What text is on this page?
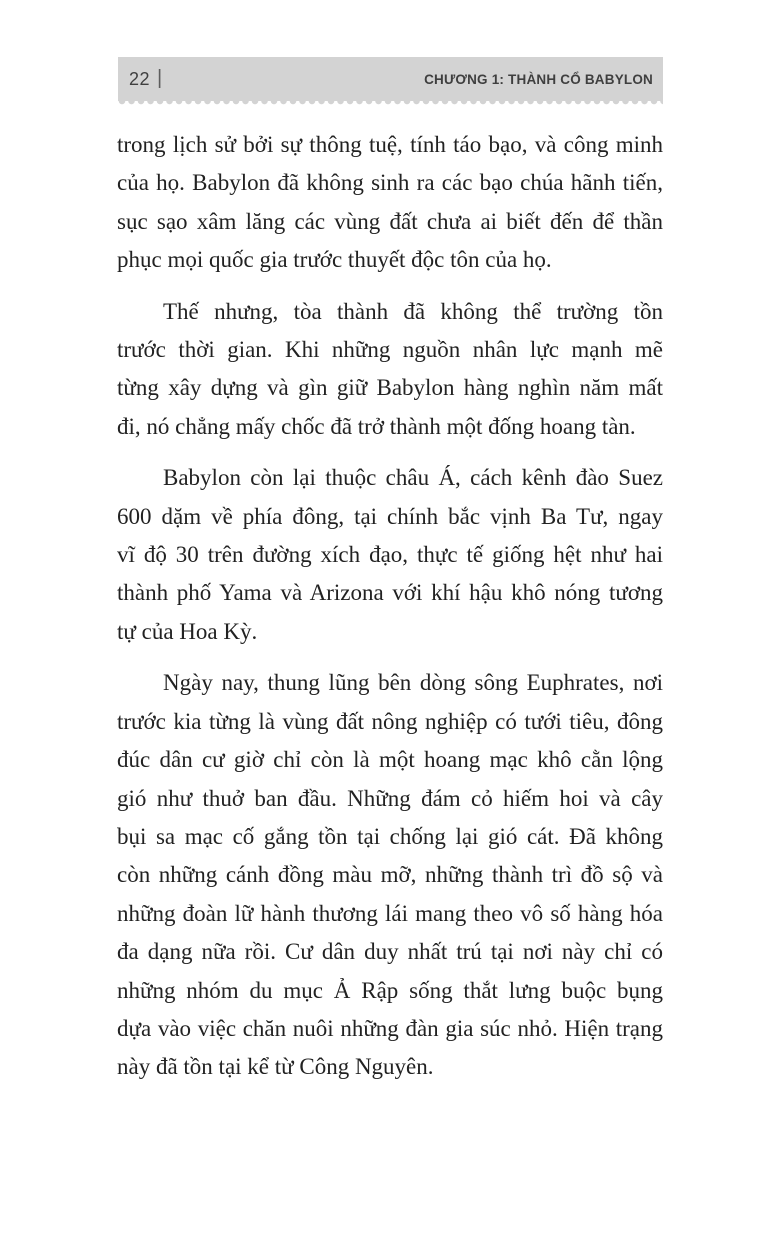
22 |	CHƯƠNG 1: THÀNH CỔ BABYLON

trong lịch sử bởi sự thông tuệ, tính táo bạo, và công minh
của họ. Babylon đã không sinh ra các bạo chúa hãnh tiến,
sục sạo xâm lăng các vùng đất chưa ai biết đến để thần
phục mọi quốc gia trước thuyết độc tôn của họ.

Thế nhưng, tòa thành đã không thể trường tồn
trước thời gian. Khi những nguồn nhân lực mạnh mẽ
từng xây dựng và gìn giữ Babylon hàng nghìn năm mất
đi, nó chẳng mấy chốc đã trở thành một đống hoang tàn.

Babylon còn lại thuộc châu Á, cách kênh đào Suez
600 dặm về phía đông, tại chính bắc vịnh Ba Tư, ngay
vĩ độ 30 trên đường xích đạo, thực tế giống hệt như hai
thành phố Yama và Arizona với khí hậu khô nóng tương
tự của Hoa Kỳ.

Ngày nay, thung lũng bên dòng sông Euphrates, nơi
trước kia từng là vùng đất nông nghiệp có tưới tiêu, đông
đúc dân cư giờ chỉ còn là một hoang mạc khô cằn lộng
gió như thuở ban đầu. Những đám cỏ hiếm hoi và cây
bụi sa mạc cố gắng tồn tại chống lại gió cát. Đã không
còn những cánh đồng màu mỡ, những thành trì đồ sộ và
những đoàn lữ hành thương lái mang theo vô số hàng hóa
đa dạng nữa rồi. Cư dân duy nhất trú tại nơi này chỉ có
những nhóm du mục Ả Rập sống thắt lưng buộc bụng
dựa vào việc chăn nuôi những đàn gia súc nhỏ. Hiện trạng
này đã tồn tại kể từ Công Nguyên.
